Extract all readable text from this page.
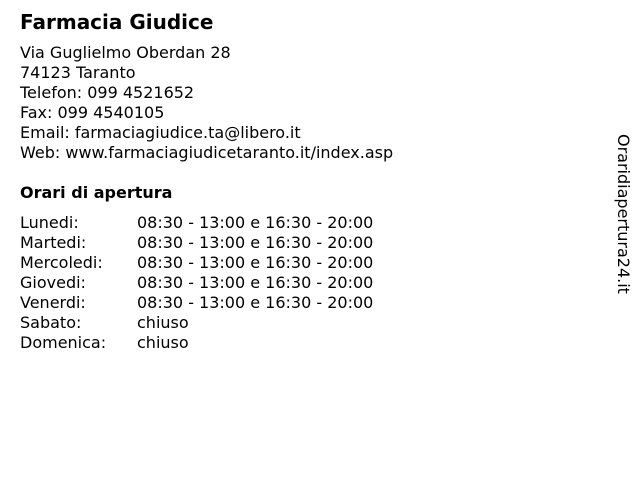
Farmacia Giudice
Via Guglielmo Oberdan 28
74123 Taranto
Telefon: 099 4521652
Fax: 099 4540105
Email: farmaciagiudice.ta@libero.it
Web: www.farmaciagiudicetaranto.it/index.asp
Orari di apertura
Lunedi:	08:30 - 13:00 e 16:30 - 20:00
Martedi:	08:30 - 13:00 e 16:30 - 20:00
Mercoledi: 08:30 - 13:00 e 16:30 - 20:00
Giovedi:	08:30 - 13:00 e 16:30 - 20:00
Venerdi:	08:30 - 13:00 e 16:30 - 20:00
Sabato:	chiuso
Domenica: chiuso
Oraridiapertura24.it
